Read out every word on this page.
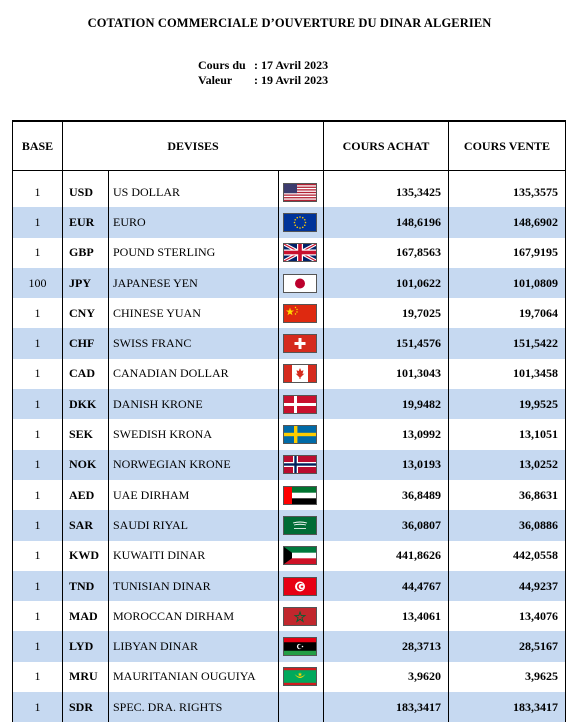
COTATION COMMERCIALE D’OUVERTURE DU DINAR ALGERIEN
Cours du : 17 Avril 2023
Valeur : 19 Avril 2023
BASE	DEVISES			COURS ACHAT	COURS VENTE
1	USD	US DOLLAR		135,3425	135,3575
1	EUR	EURO		148,6196	148,6902
1	GBP	POUND STERLING		167,8563	167,9195
100	JPY	JAPANESE YEN		101,0622	101,0809
1	CNY	CHINESE YUAN		19,7025	19,7064
1	CHF	SWISS FRANC		151,4576	151,5422
1	CAD	CANADIAN DOLLAR		101,3043	101,3458
1	DKK	DANISH KRONE		19,9482	19,9525
1	SEK	SWEDISH KRONA		13,0992	13,1051
1	NOK	NORWEGIAN KRONE		13,0193	13,0252
1	AED	UAE DIRHAM		36,8489	36,8631
1	SAR	SAUDI RIYAL		36,0807	36,0886
1	KWD	KUWAITI DINAR		441,8626	442,0558
1	TND	TUNISIAN DINAR		44,4767	44,9237
1	MAD	MOROCCAN DIRHAM		13,4061	13,4076
1	LYD	LIBYAN DINAR		28,3713	28,5167
1	MRU	MAURITANIAN OUGUIYA		3,9620	3,9625
1	SDR	SPEC. DRA. RIGHTS		183,3417	183,3417
